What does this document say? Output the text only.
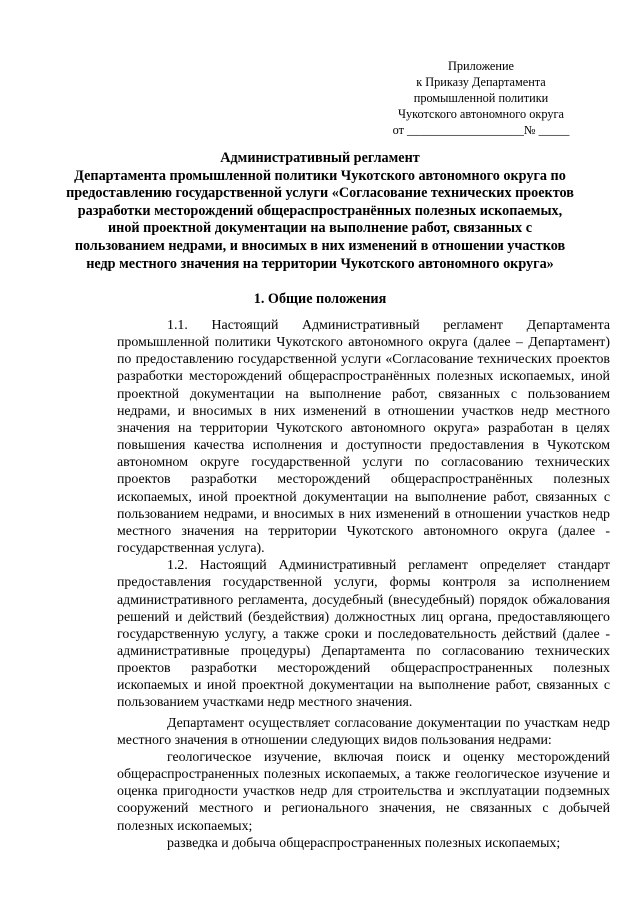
Приложение
к Приказу Департамента
промышленной политики
Чукотского автономного округа
от ___________________№ _____
Административный регламент
Департамента промышленной политики Чукотского автономного округа по
предоставлению государственной услуги «Согласование технических проектов
разработки месторождений общераспространённых полезных ископаемых,
иной проектной документации на выполнение работ, связанных с
пользованием недрами, и вносимых в них изменений в отношении участков
недр местного значения на территории Чукотского автономного округа»
1. Общие положения

1.1. Настоящий Административный регламент Департамента промышленной политики Чукотского автономного округа (далее – Департамент) по предоставлению государственной услуги «Согласование технических проектов разработки месторождений общераспространённых полезных ископаемых, иной проектной документации на выполнение работ, связанных с пользованием недрами, и вносимых в них изменений в отношении участков недр местного значения на территории Чукотского автономного округа» разработан в целях повышения качества исполнения и доступности предоставления в Чукотском автономном округе государственной услуги по согласованию технических проектов разработки месторождений общераспространённых полезных ископаемых, иной проектной документации на выполнение работ, связанных с пользованием недрами, и вносимых в них изменений в отношении участков недр местного значения на территории Чукотского автономного округа (далее - государственная услуга).

1.2. Настоящий Административный регламент определяет стандарт предоставления государственной услуги, формы контроля за исполнением административного регламента, досудебный (внесудебный) порядок обжалования решений и действий (бездействия) должностных лиц органа, предоставляющего государственную услугу, а также сроки и последовательность действий (далее - административные процедуры) Департамента по согласованию технических проектов разработки месторождений общераспространенных полезных ископаемых и иной проектной документации на выполнение работ, связанных с пользованием участками недр местного значения.

Департамент осуществляет согласование документации по участкам недр местного значения в отношении следующих видов пользования недрами:

геологическое изучение, включая поиск и оценку месторождений общераспространенных полезных ископаемых, а также геологическое изучение и оценка пригодности участков недр для строительства и эксплуатации подземных сооружений местного и регионального значения, не связанных с добычей полезных ископаемых;

разведка и добыча общераспространенных полезных ископаемых;
